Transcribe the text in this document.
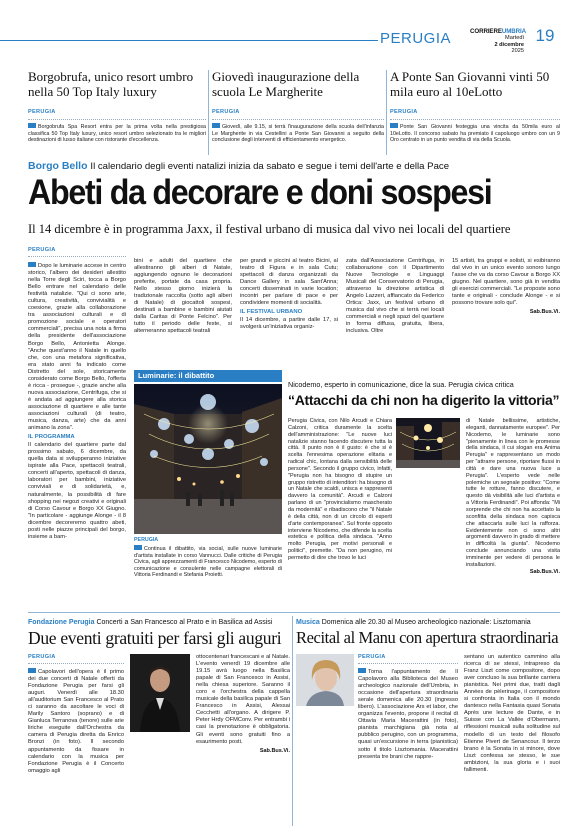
PERUGIA	CORRIEREUMBRIA
Martedì
2 dicembre
2025
19
Borgobrufa, unico resort umbro nella 50 Top Italy luxury
PERUGIA
Borgobrufa Spa Resort entra per la prima volta nella prestigiosa classifica 50 Top Italy luxury, unico resort umbro selezionato tra le migliori destinazioni di lusso italiane con ristorante d'eccellenza.
Giovedì inaugurazione della scuola Le Margherite
PERUGIA
Giovedì, alle 9.15, si terrà l'inaugurazione della scuola dell'infanzia Le Margherite in via Cestellini a Ponte San Giovanni a seguito della conclusione degli interventi di efficientamento energetico.
A Ponte San Giovanni vinti 50 mila euro al 10eLotto
PERUGIA
Ponte San Giovanni festeggia una vincita da 50mila euro al 10eLotto. Il concorso sabato ha premiato il capoluogo umbro con un 9 Oro centrato in un punto vendita di via della Scuola.
Borgo Bello Il calendario degli eventi natalizi inizia da sabato e segue i temi dell'arte e della Pace
Abeti da decorare e doni sospesi
Il 14 dicembre è in programma Jaxx, il festival urbano di musica dal vivo nei locali del quartiere
PERUGIA

Dopo le luminarie accese in centro storico, l'albero dei desideri allestito nella Torre degli Sciri, tocca a Borgo Bello entrare nel calendario delle festività natalizie. "Qui ci sono arte, cultura, creatività, convivialità e coesione, grazie alla collaborazione tra associazioni culturali e di promozione sociale e operatori commerciali", precisa una nota a firma della presidente dell'associazione Borgo Bello, Antonietta Alonge. "Anche quest'anno il Natale in quello che, con una metafora significativa, era stato anni fa indicato come Distretto del sole, storicamente considerato come Borgo Bello, l'offerta è ricca - prosegue -, grazie anche alla nuova associazione, Centrifuga, che si è andata ad aggiungere alla storica associazione di quartiere e alle tante associazioni culturali (di teatro, musica, danza, arte) che da anni animano la zona".

IL PROGRAMMA

Il calendario del quartiere parte dal prossimo sabato, 6 dicembre, da quella data si svilupperanno iniziative ispirate alla Pace, spettacoli teatrali, concerti all'aperto, spettacoli di danza, laboratori per bambini, iniziative conviviali e di solidarietà, e, naturalmente, la possibilità di fare shopping nei negozi creativi e originali di Corso Cavour e Borgo XX Giugno. "In particolare - aggiunge Alonge - il 8 dicembre decoreremo quattro abeti, posti nelle piazze principali del borgo, insieme a bam-

bini e adulti del quartiere che allestiranno gli alberi di Natale, aggiungendo ognuno le decorazioni preferite, portate da casa propria. Nello stesso giorno inizierà la tradizionale raccolta (sotto agli alberi di Natale) di giocattoli sospesi, destinati a bambine e bambini aiutati dalla Caritas di Ponte Felcino". Per tutto il periodo delle feste, si alterneranno spettacoli teatrali

per grandi e piccini al teatro Bicini, al teatro di Figura e in sala Cutu; spettacoli di danza organizzati da Dance Gallery in sala Sant'Anna; concerti disseminati in varie location; incontri per parlare di pace e per condividere momenti di socialità.

IL FESTIVAL URBANO

Il 14 dicembre, a partire dalle 17, si svolgerà un'iniziativa organiz-

zata dall'Associazione Centrifuga, in collaborazione con il Dipartimento Nuove Tecnologie e Linguaggi Musicali del Conservatorio di Perugia, attraverso la direzione artistica di Angelo Lazzeri, affiancato da Federico Ortica: Jaxx, un festival urbano di musica dal vivo che si terrà nei locali commerciali e negli spazi del quartiere in forma diffusa, gratuita, libera, inclusiva. Oltre

15 artisti, tra gruppi e solisti, si esibiranno dal vivo in un unico evento sonoro lungo l'asse che va da corso Cavour a Borgo XX giugno. Nel quartiere, sono già in vendita gli esercizi commerciali. "Le proposte sono tante e originali - conclude Alonge - e si possono trovare solo qui".

Sab.Bus.Vi.
Luminarie: il dibattito
PERUGIA
Continua il dibattito, via social, sulle nuove luminarie d'artista installate in corso Vannucci. Dalle critiche di Perugia Civica, agli apprezzamenti di Francesco Nicodemo, esperto di comunicazione e consulente nelle campagne elettorali di Vittoria Ferdinandi e Stefania Proietti.
Nicodemo, esperto in comunicazione, dice la sua. Perugia civica critica
“Attacchi da chi non ha digerito la vittoria”

Perugia Civica, con Nilo Arcudi e Chiara Calzoni, critica duramente la scelta dell'amministrazione: "Le nuove luci natalizie stanno facendo discutere tutta la città. Il punto non è il gusto: è che si è scelta l'ennesima operazione elitaria e radical chic, lontana dalla sensibilità delle persone". Secondo il gruppo civico, infatti, "Perugia non ha bisogno di stupire un gruppo ristretto di intenditori: ha bisogno di un Natale che scaldi, unisca e rappresenti davvero la comunità". Arcudi e Calzoni parlano di un "provincialismo mascherato da modernità" e ribadiscono che "il Natale è della città, non di un circolo di esperti d'arte contemporanea". Sul fronte opposto interviene Nicodemo, che difende la scelta estetica e politica della sindaca. "Anno molto Perugia, per motivi personali e politici", premette. "Da non perugino, mi permetto di dire che trovo le luci

di Natale bellissime, artistiche, eleganti, dannatamente europee". Per Nicodemo, le luminarie sono "pienamente in linea con le promesse della sindaca, il cui slogan era Anima Perugia" e rappresentano un modo per "attrarre persone, riportare flussi in città e dare una nuova luce a Perugia". L'esperto vede nelle polemiche un segnale positivo: "Come tutte le rotture, fanno discutere, e questo dà visibilità alle luci d'artista e a Vittoria Ferdinandi". Poi affonda: "Mi sorprende che chi non ha accettato la sconfitta della sindaca non capisca che attaccarla sulle luci la rafforza. Evidentemente non ci sono altri argomenti davvero in grado di mettere in difficoltà la giunta". Nicodemo conclude annunciando una visita imminente per vedere di persona le installazioni.

Sab.Bus.Vi.
Fondazione Perugia Concerti a San Francesco al Prato e in Basilica ad Assisi
Due eventi gratuiti per farsi gli auguri
PERUGIA

Capolavori dell'opera è il primo dei due concerti di Natale offerti da Fondazione Perugia per farsi gli auguri. Venerdì alle 18.30 all'auditorium San Francesco al Prato ci saranno da ascoltare le voci di Marily Santoro (soprano) e di Gianluca Terranova (tenore) sulle arie liriche eseguite dall'Orchestra da camera di Perugia diretta da Enrico Bronzi (in foto). Il secondo appuntamento da fissare in calendario con la musica per Fondazione Perugia è il Concerto omaggio agli

ottocentenari francescani e al Natale. L'evento venerdì 19 dicembre alle 19.15 avrà luogo nella Basilica papale di San Francesco in Assisi, nella chiesa superiore. Saranno il coro e l'orchestra della cappella musicale della basilica papale di San Francesco in Assisi, Alessai Cecchetti all'organo. A dirigere P. Peter Hrdy OFMConv. Per entrambi i casi la prenotazione è obbligatoria. Gli eventi sono gratuiti fino a esaurimento posti.

Sab.Bus.Vi.
Musica Domenica alle 20.30 al Museo archeologico nazionale: Lisztomania
Recital al Manu con apertura straordinaria
PERUGIA

Torna l'appuntamento de Il Capolavoro alla Biblioteca del Museo archeologico nazionale dell'Umbria, in occasione dell'apertura straordinaria serale domenica alle 20.30 (ingresso libero). L'associazione Ars et labor, che organizza l'evento, propone il recital di Ottavia Maria Macerattini (in foto), pianista marchigiana già nota al pubblico perugino, con un programma, quasi un'escursione in terra (pianistica) sotto il titolo Lisztomania. Macerattini presenta tre brani che rappre-

sentano un autentico cammino alla ricerca di se stessi, intrapreso da Franz Liszt come compositore, dopo aver concluso la sua brillante carriera pianistica. Nei primi due, tratti dagli Années de pèlerinage, il compositore si confronta in Italia con il mondo dantesco nella Fantasia quasi Sonata Après une lecture de Dante, e in Suisse con La Vallée d'Obermann, riflessioni musicali sulla solitudine sul modello di un testo del filosofo Étienne Pivert de Senancour. Il terzo brano è la Sonata in si minore, dove Liszt confessa se stesso, le sue ambizioni, la sua gloria e i suoi fallimenti.
